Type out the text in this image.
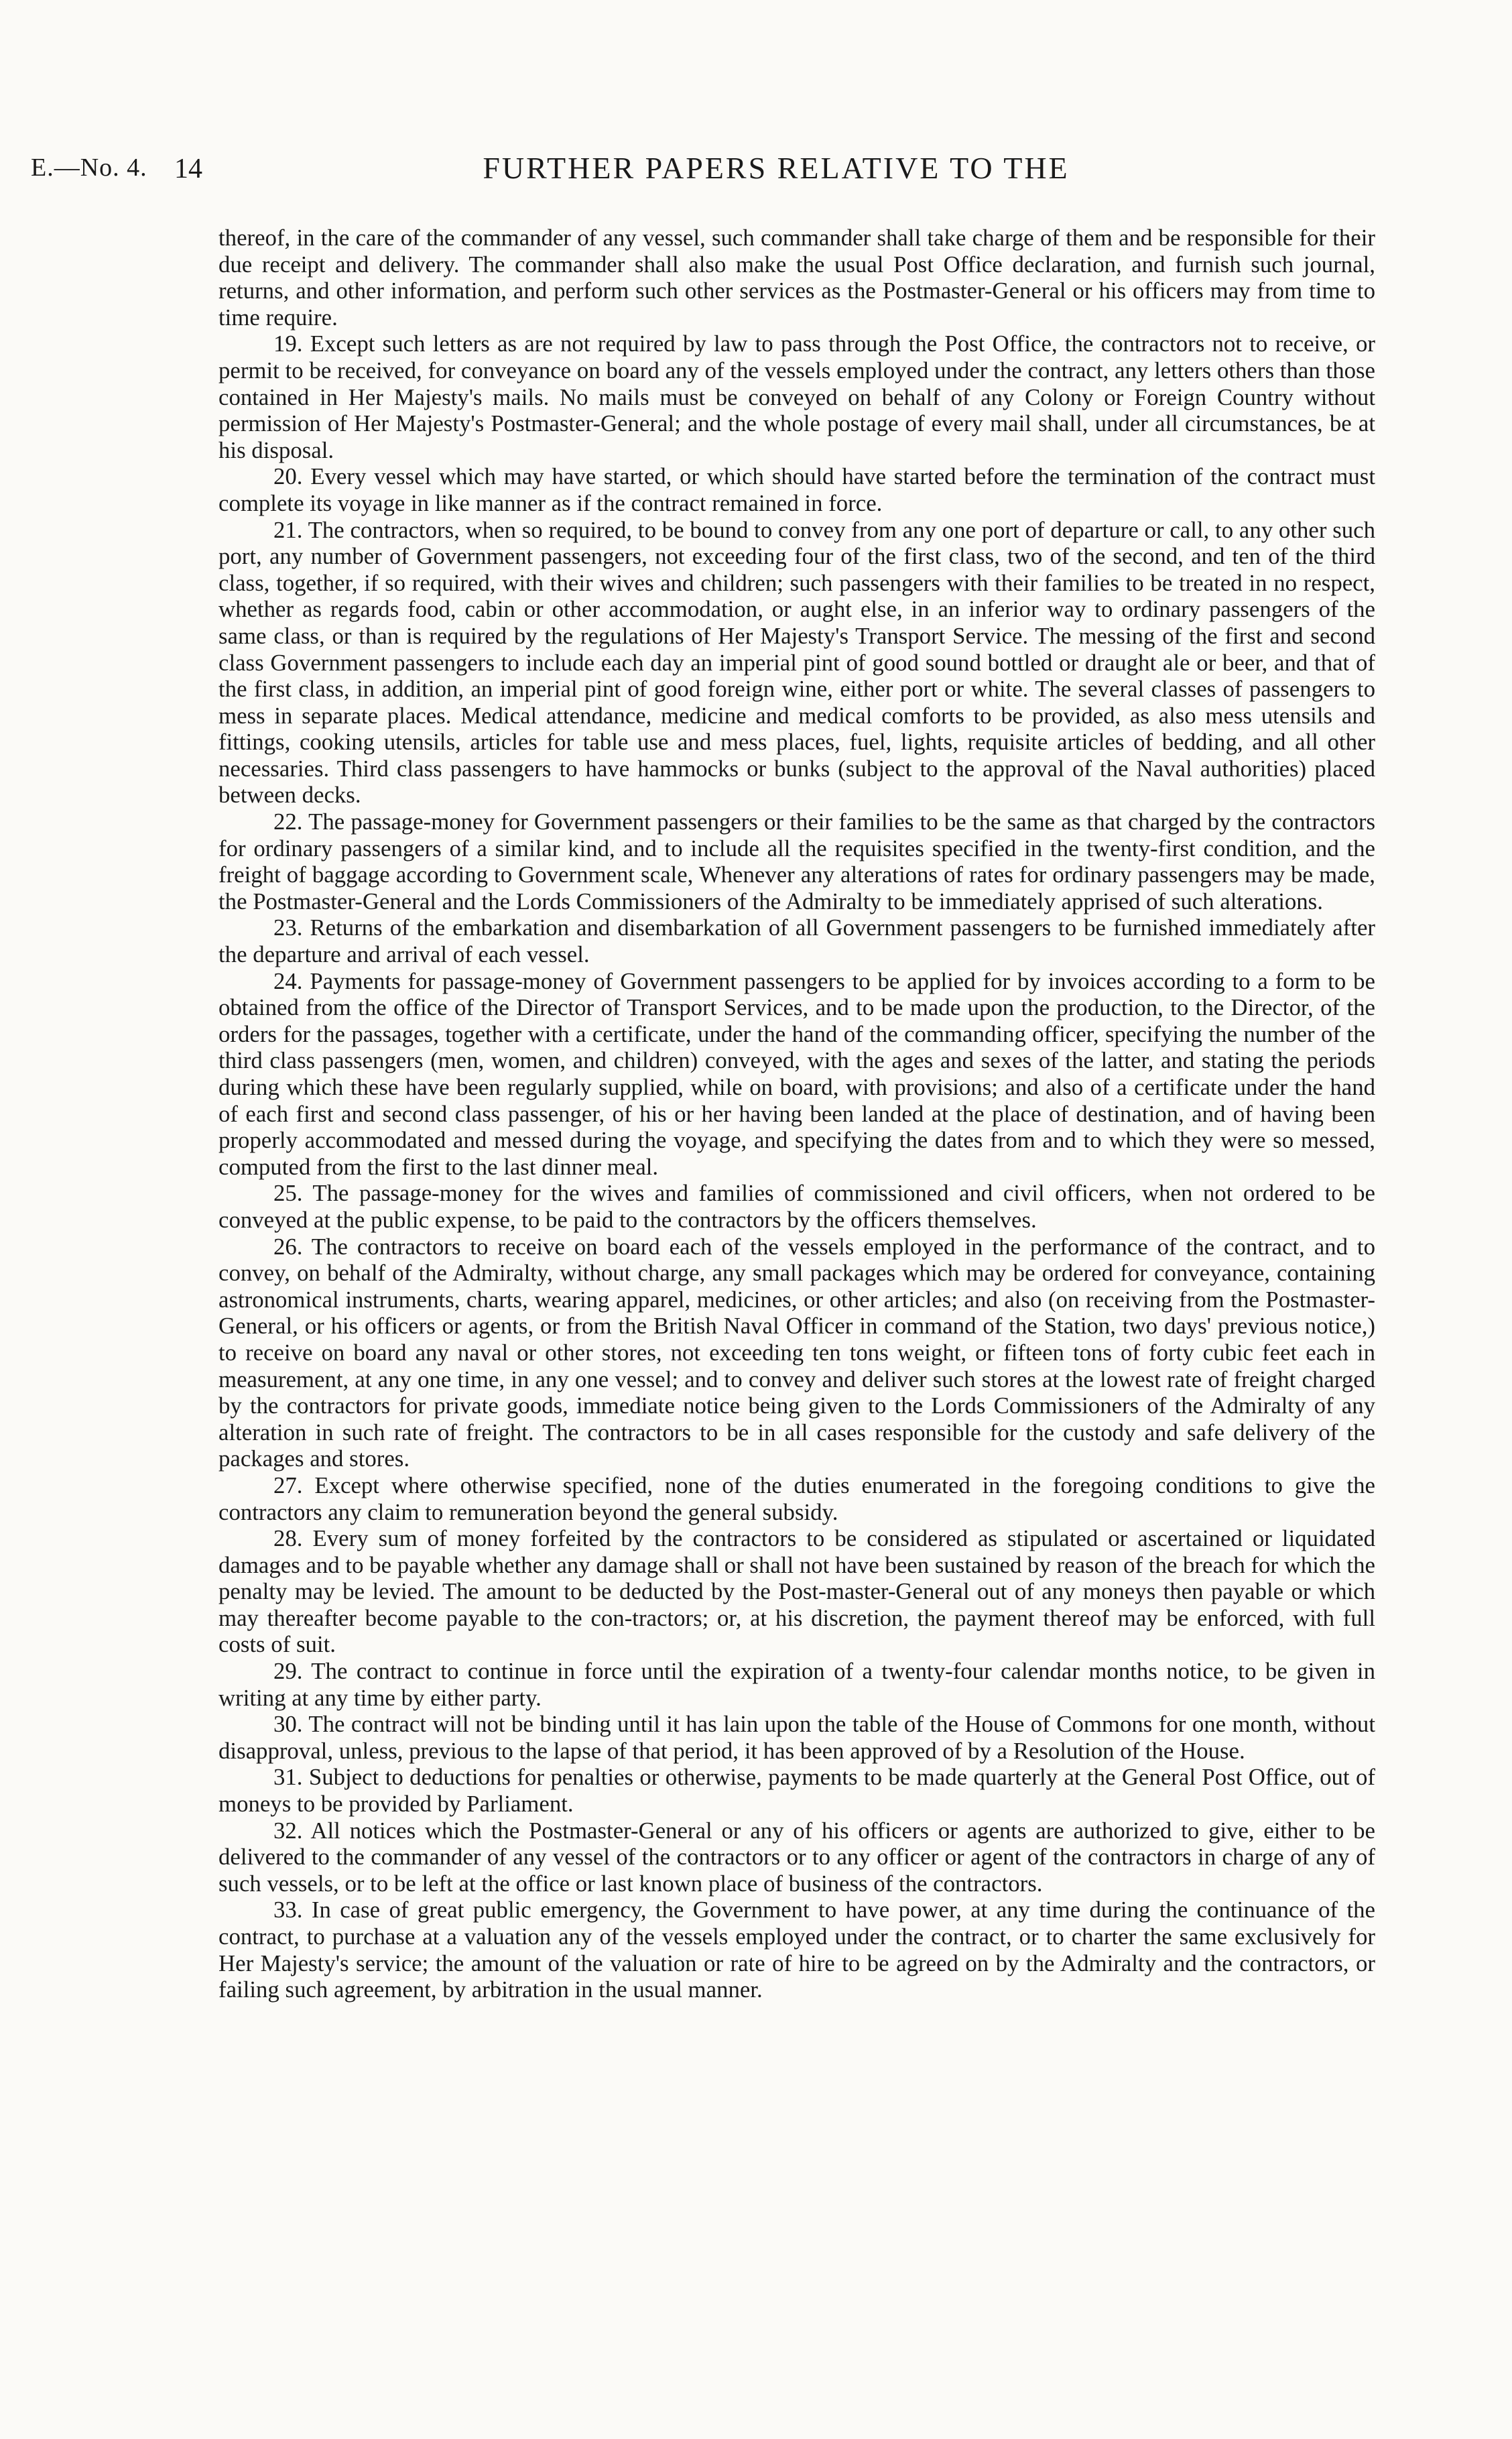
E.—No. 4. 14	FURTHER PAPERS RELATIVE TO THE

thereof, in the care of the commander of any vessel, such commander shall take charge of them and be responsible for their due receipt and delivery. The commander shall also make the usual Post Office declaration, and furnish such journal, returns, and other information, and perform such other services as the Postmaster-General or his officers may from time to time require.

19. Except such letters as are not required by law to pass through the Post Office, the contractors not to receive, or permit to be received, for conveyance on board any of the vessels employed under the contract, any letters others than those contained in Her Majesty's mails. No mails must be conveyed on behalf of any Colony or Foreign Country without permission of Her Majesty's Postmaster-General; and the whole postage of every mail shall, under all circumstances, be at his disposal.

20. Every vessel which may have started, or which should have started before the termination of the contract must complete its voyage in like manner as if the contract remained in force.

21. The contractors, when so required, to be bound to convey from any one port of departure or call, to any other such port, any number of Government passengers, not exceeding four of the first class, two of the second, and ten of the third class, together, if so required, with their wives and children; such passengers with their families to be treated in no respect, whether as regards food, cabin or other accommodation, or aught else, in an inferior way to ordinary passengers of the same class, or than is required by the regulations of Her Majesty's Transport Service. The messing of the first and second class Government passengers to include each day an imperial pint of good sound bottled or draught ale or beer, and that of the first class, in addition, an imperial pint of good foreign wine, either port or white. The several classes of passengers to mess in separate places. Medical attendance, medicine and medical comforts to be provided, as also mess utensils and fittings, cooking utensils, articles for table use and mess places, fuel, lights, requisite articles of bedding, and all other necessaries. Third class passengers to have hammocks or bunks (subject to the approval of the Naval authorities) placed between decks.

22. The passage-money for Government passengers or their families to be the same as that charged by the contractors for ordinary passengers of a similar kind, and to include all the requisites specified in the twenty-first condition, and the freight of baggage according to Government scale, Whenever any alterations of rates for ordinary passengers may be made, the Postmaster-General and the Lords Commissioners of the Admiralty to be immediately apprised of such alterations.

23. Returns of the embarkation and disembarkation of all Government passengers to be furnished immediately after the departure and arrival of each vessel.

24. Payments for passage-money of Government passengers to be applied for by invoices according to a form to be obtained from the office of the Director of Transport Services, and to be made upon the production, to the Director, of the orders for the passages, together with a certificate, under the hand of the commanding officer, specifying the number of the third class passengers (men, women, and children) conveyed, with the ages and sexes of the latter, and stating the periods during which these have been regularly supplied, while on board, with provisions; and also of a certificate under the hand of each first and second class passenger, of his or her having been landed at the place of destination, and of having been properly accommodated and messed during the voyage, and specifying the dates from and to which they were so messed, computed from the first to the last dinner meal.

25. The passage-money for the wives and families of commissioned and civil officers, when not ordered to be conveyed at the public expense, to be paid to the contractors by the officers themselves.

26. The contractors to receive on board each of the vessels employed in the performance of the contract, and to convey, on behalf of the Admiralty, without charge, any small packages which may be ordered for conveyance, containing astronomical instruments, charts, wearing apparel, medicines, or other articles; and also (on receiving from the Postmaster-General, or his officers or agents, or from the British Naval Officer in command of the Station, two days' previous notice,) to receive on board any naval or other stores, not exceeding ten tons weight, or fifteen tons of forty cubic feet each in measurement, at any one time, in any one vessel; and to convey and deliver such stores at the lowest rate of freight charged by the contractors for private goods, immediate notice being given to the Lords Commissioners of the Admiralty of any alteration in such rate of freight. The contractors to be in all cases responsible for the custody and safe delivery of the packages and stores.

27. Except where otherwise specified, none of the duties enumerated in the foregoing conditions to give the contractors any claim to remuneration beyond the general subsidy.

28. Every sum of money forfeited by the contractors to be considered as stipulated or ascertained or liquidated damages and to be payable whether any damage shall or shall not have been sustained by reason of the breach for which the penalty may be levied. The amount to be deducted by the Post-master-General out of any moneys then payable or which may thereafter become payable to the con-tractors; or, at his discretion, the payment thereof may be enforced, with full costs of suit.

29. The contract to continue in force until the expiration of a twenty-four calendar months notice, to be given in writing at any time by either party.

30. The contract will not be binding until it has lain upon the table of the House of Commons for one month, without disapproval, unless, previous to the lapse of that period, it has been approved of by a Resolution of the House.

31. Subject to deductions for penalties or otherwise, payments to be made quarterly at the General Post Office, out of moneys to be provided by Parliament.

32. All notices which the Postmaster-General or any of his officers or agents are authorized to give, either to be delivered to the commander of any vessel of the contractors or to any officer or agent of the contractors in charge of any of such vessels, or to be left at the office or last known place of business of the contractors.

33. In case of great public emergency, the Government to have power, at any time during the continuance of the contract, to purchase at a valuation any of the vessels employed under the contract, or to charter the same exclusively for Her Majesty's service; the amount of the valuation or rate of hire to be agreed on by the Admiralty and the contractors, or failing such agreement, by arbitration in the usual manner.
